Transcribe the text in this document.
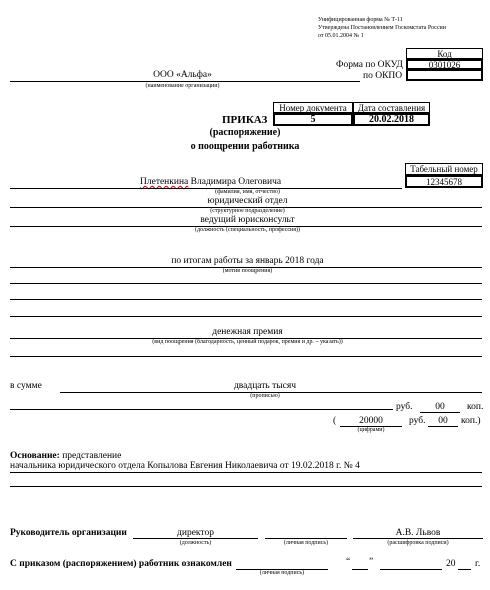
Унифицированная форма № Т-11
Утверждена Постановлением Госкомстата России
от 05.01.2004 № 1
Код
0301026
Форма по ОКУД
по ОКПО
ООО «Альфа»
(наименование организации)
Номер документа	Дата составления
5	20.02.2018
ПРИКАЗ
(распоряжение)
о поощрении работника
Табельный номер
12345678
Плетенкина Владимира Олеговича
(фамилия, имя, отчество)
юридический отдел
(структурное подразделение)
ведущий юрисконсульт
(должность (специальность, профессия))
по итогам работы за январь 2018 года
(мотив поощрения)
денежная премия
(вид поощрения (благодарность, ценный подарок, премия и др. – указать))
в сумме	двадцать тысяч
(прописью)
руб.	00	коп.
(	20000
(цифрами)
руб.	00	коп.)
Основание: представление
начальника юридического отдела Копылова Евгения Николаевича от 19.02.2018 г. № 4
Руководитель организации	директор
(должность)	(личная подпись)
А.В. Львов
(расшифровка подписи)
С приказом (распоряжением) работник ознакомлен
(личная подпись)
“ ”	20 г.
